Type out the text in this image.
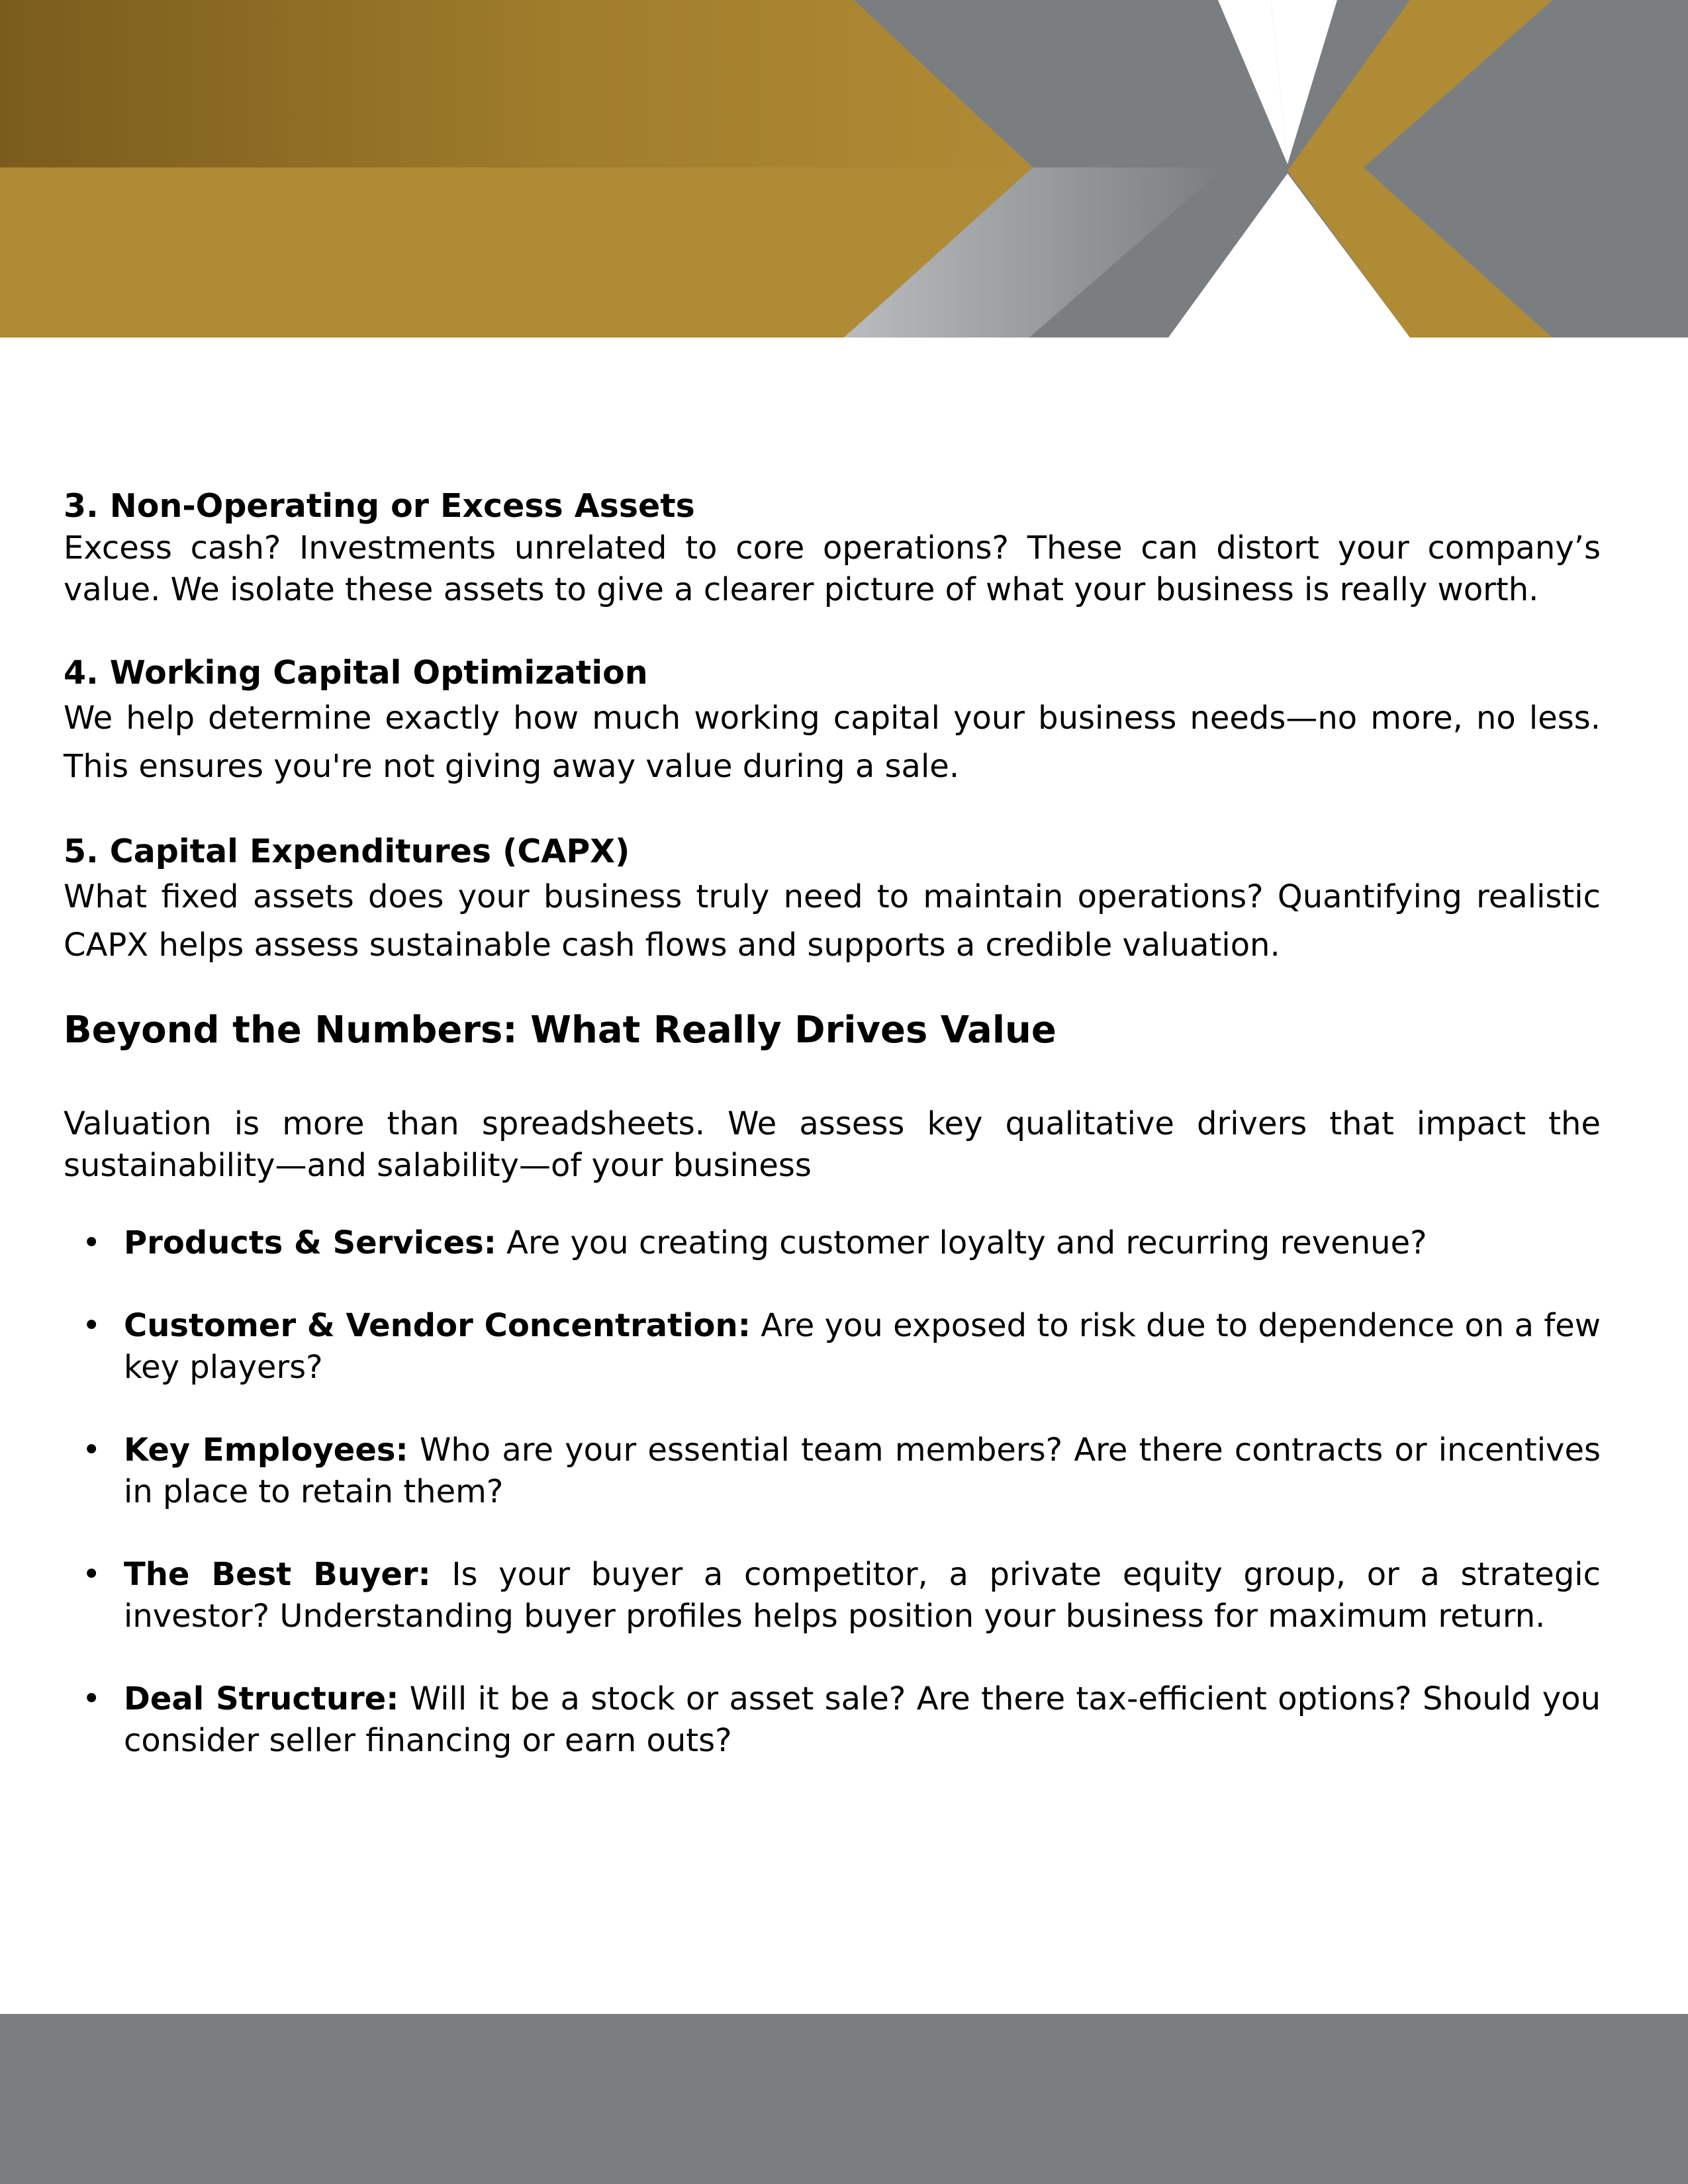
3. Non-Operating or Excess Assets

Excess cash? Investments unrelated to core operations? These can distort your company’s value. We isolate these assets to give a clearer picture of what your business is really worth.

4. Working Capital Optimization

We help determine exactly how much working capital your business needs—no more, no less. This ensures you're not giving away value during a sale.

5. Capital Expenditures (CAPX)

What fixed assets does your business truly need to maintain operations? Quantifying realistic CAPX helps assess sustainable cash flows and supports a credible valuation.

Beyond the Numbers: What Really Drives Value

Valuation is more than spreadsheets. We assess key qualitative drivers that impact the
sustainability—and salability—of your business

• Products & Services: Are you creating customer loyalty and recurring revenue?
• Customer & Vendor Concentration: Are you exposed to risk due to dependence on a few key players?
• Key Employees: Who are your essential team members? Are there contracts or incentives in place to retain them?
• The Best Buyer: Is your buyer a competitor, a private equity group, or a strategic investor? Understanding buyer profiles helps position your business for maximum return.
• Deal Structure: Will it be a stock or asset sale? Are there tax-efficient options? Should you consider seller financing or earn outs?
